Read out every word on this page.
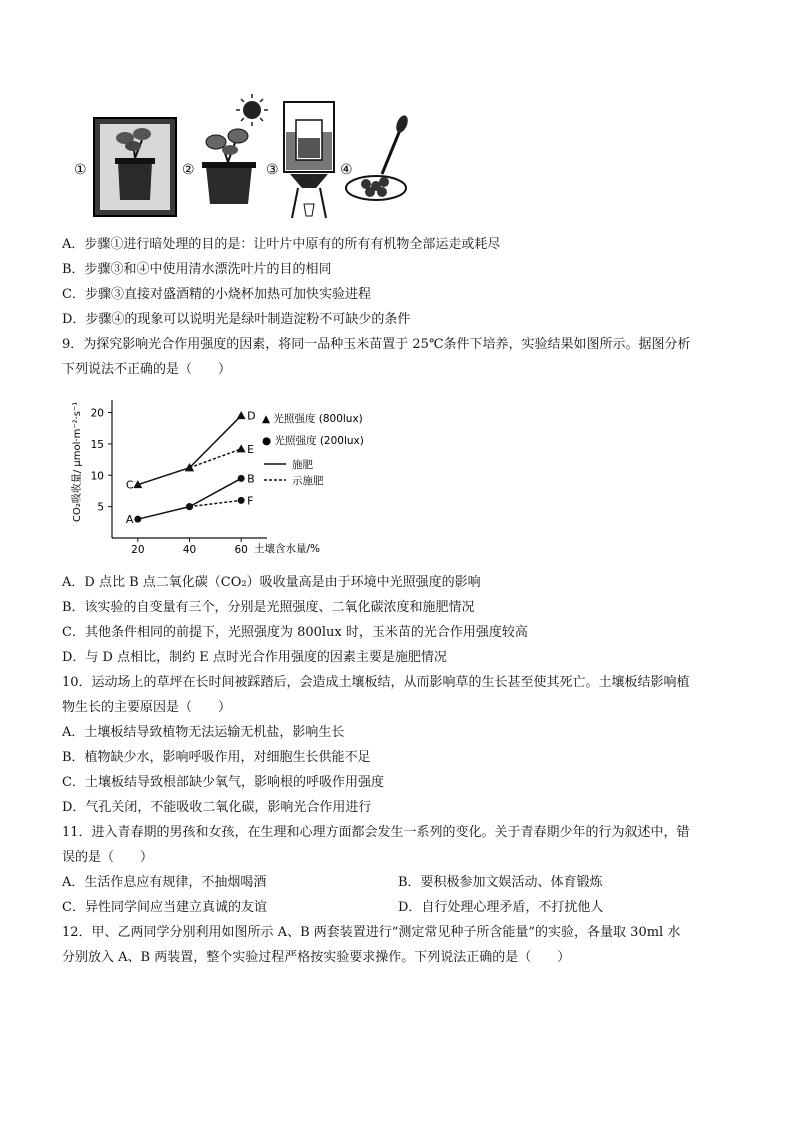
①	②	③	④
A．步骤①进行暗处理的目的是：让叶片中原有的所有有机物全部运走或耗尽
B．步骤③和④中使用清水漂洗叶片的目的相同
C．步骤③直接对盛酒精的小烧杯加热可加快实验进程
D．步骤④的现象可以说明光是绿叶制造淀粉不可缺少的条件
9．为探究影响光合作用强度的因素，将同一品种玉米苗置于 25℃条件下培养，实验结果如图所示。据图分析
下列说法不正确的是（　　）
CO₂吸收量/ μmol·m⁻²·s⁻¹ 5
10
15
20
20	40	60
C
D
E
A
B
F
土壤含水量/%
▲ 光照强度 (800lux)
● 光照强度 (200lux)
施肥
示施肥
A．D 点比 B 点二氧化碳（CO₂）吸收量高是由于环境中光照强度的影响
B．该实验的自变量有三个，分别是光照强度、二氧化碳浓度和施肥情况
C．其他条件相同的前提下，光照强度为 800lux 时，玉米苗的光合作用强度较高
D．与 D 点相比，制约 E 点时光合作用强度的因素主要是施肥情况
10．运动场上的草坪在长时间被踩踏后，会造成土壤板结，从而影响草的生长甚至使其死亡。土壤板结影响植
物生长的主要原因是（　　）
A．土壤板结导致植物无法运输无机盐，影响生长
B．植物缺少水，影响呼吸作用，对细胞生长供能不足
C．土壤板结导致根部缺少氧气，影响根的呼吸作用强度
D．气孔关闭，不能吸收二氧化碳，影响光合作用进行
11．进入青春期的男孩和女孩，在生理和心理方面都会发生一系列的变化。关于青春期少年的行为叙述中，错
误的是（　　）
A．生活作息应有规律，不抽烟喝酒	B．要积极参加文娱活动、体育锻炼
C．异性同学间应当建立真诚的友谊	D．自行处理心理矛盾，不打扰他人
12．甲、乙两同学分别利用如图所示 A、B 两套装置进行“测定常见种子所含能量”的实验，各量取 30ml 水
分别放入 A、B 两装置，整个实验过程严格按实验要求操作。下列说法正确的是（　　）
